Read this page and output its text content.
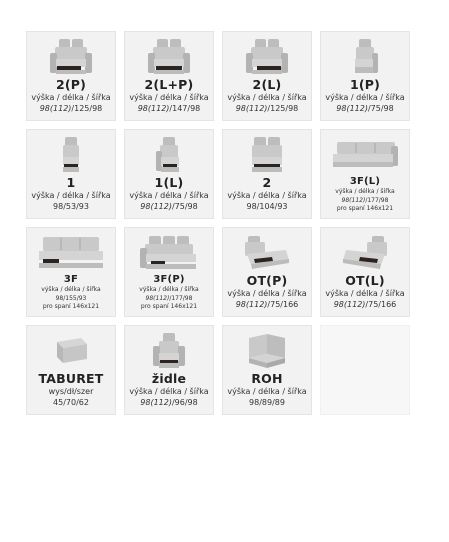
2(P)
výška / délka / šířka
98(112)/125/98
2(L+P)
výška / délka / šířka
98(112)/147/98
2(L)
výška / délka / šířka
98(112)/125/98
1(P)
výška / délka / šířka
98(112)/75/98
1
výška / délka / šířka
98/53/93
1(L)
výška / délka / šířka
98(112)/75/98
2
výška / délka / šířka
98/104/93
3F(L)
výška / délka / šířka
98(112)/177/98
pro spaní 146x121
3F
výška / délka / šířka
98/155/93
pro spaní 146x121
3F(P)
výška / délka / šířka
98(112)/177/98
pro spaní 146x121
OT(P)
výška / délka / šířka
98(112)/75/166
OT(L)
výška / délka / šířka
98(112)/75/166
TABURET
wys/dł/szer
45/70/62
židle
výška / délka / šířka
98(112)/96/98
ROH
výška / délka / šířka
98/89/89
